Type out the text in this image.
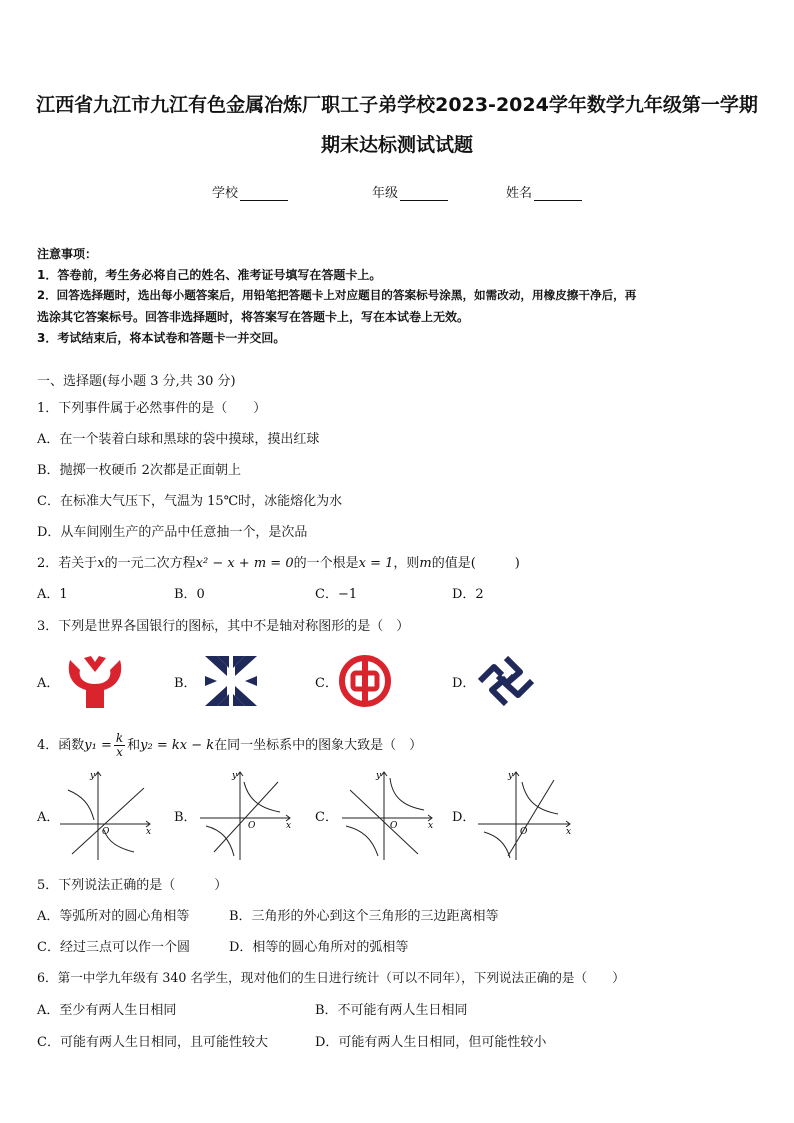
江西省九江市九江有色金属冶炼厂职工子弟学校2023-2024学年数学九年级第一学期
期末达标测试试题
学校	年级	姓名
注意事项：
1．答卷前，考生务必将自己的姓名、准考证号填写在答题卡上。
2．回答选择题时，选出每小题答案后，用铅笔把答题卡上对应题目的答案标号涂黑，如需改动，用橡皮擦干净后，再
选涂其它答案标号。回答非选择题时，将答案写在答题卡上，写在本试卷上无效。
3．考试结束后，将本试卷和答题卡一并交回。
一、选择题(每小题 3 分,共 30 分)
1．下列事件属于必然事件的是（　　）
A．在一个装着白球和黑球的袋中摸球，摸出红球
B．抛掷一枚硬币 2次都是正面朝上
C．在标准大气压下，气温为 15℃时，冰能熔化为水
D．从车间刚生产的产品中任意抽一个，是次品
2．若关于x的一元二次方程x² − x + m = 0的一个根是x = 1，则m的值是(　　　)
A．1	B．0	C．−1	D．2
3．下列是世界各国银行的图标，其中不是轴对称图形的是（　）
A．	B．	C．	D．
4．函数$y_1 = \frac{k}{x}$ 和y₂ = kx − k在同一坐标系中的图象大致是（　）
A．	B．	C．	D．
y
x
O
y
x
O
y
x
O
y
x
O
5．下列说法正确的是（　　　）
A．等弧所对的圆心角相等	B．三角形的外心到这个三角形的三边距离相等
C．经过三点可以作一个圆	D．相等的圆心角所对的弧相等
6．第一中学九年级有 340 名学生，现对他们的生日进行统计（可以不同年），下列说法正确的是（　　）
A．至少有两人生日相同	B．不可能有两人生日相同
C．可能有两人生日相同，且可能性较大	D．可能有两人生日相同，但可能性较小
